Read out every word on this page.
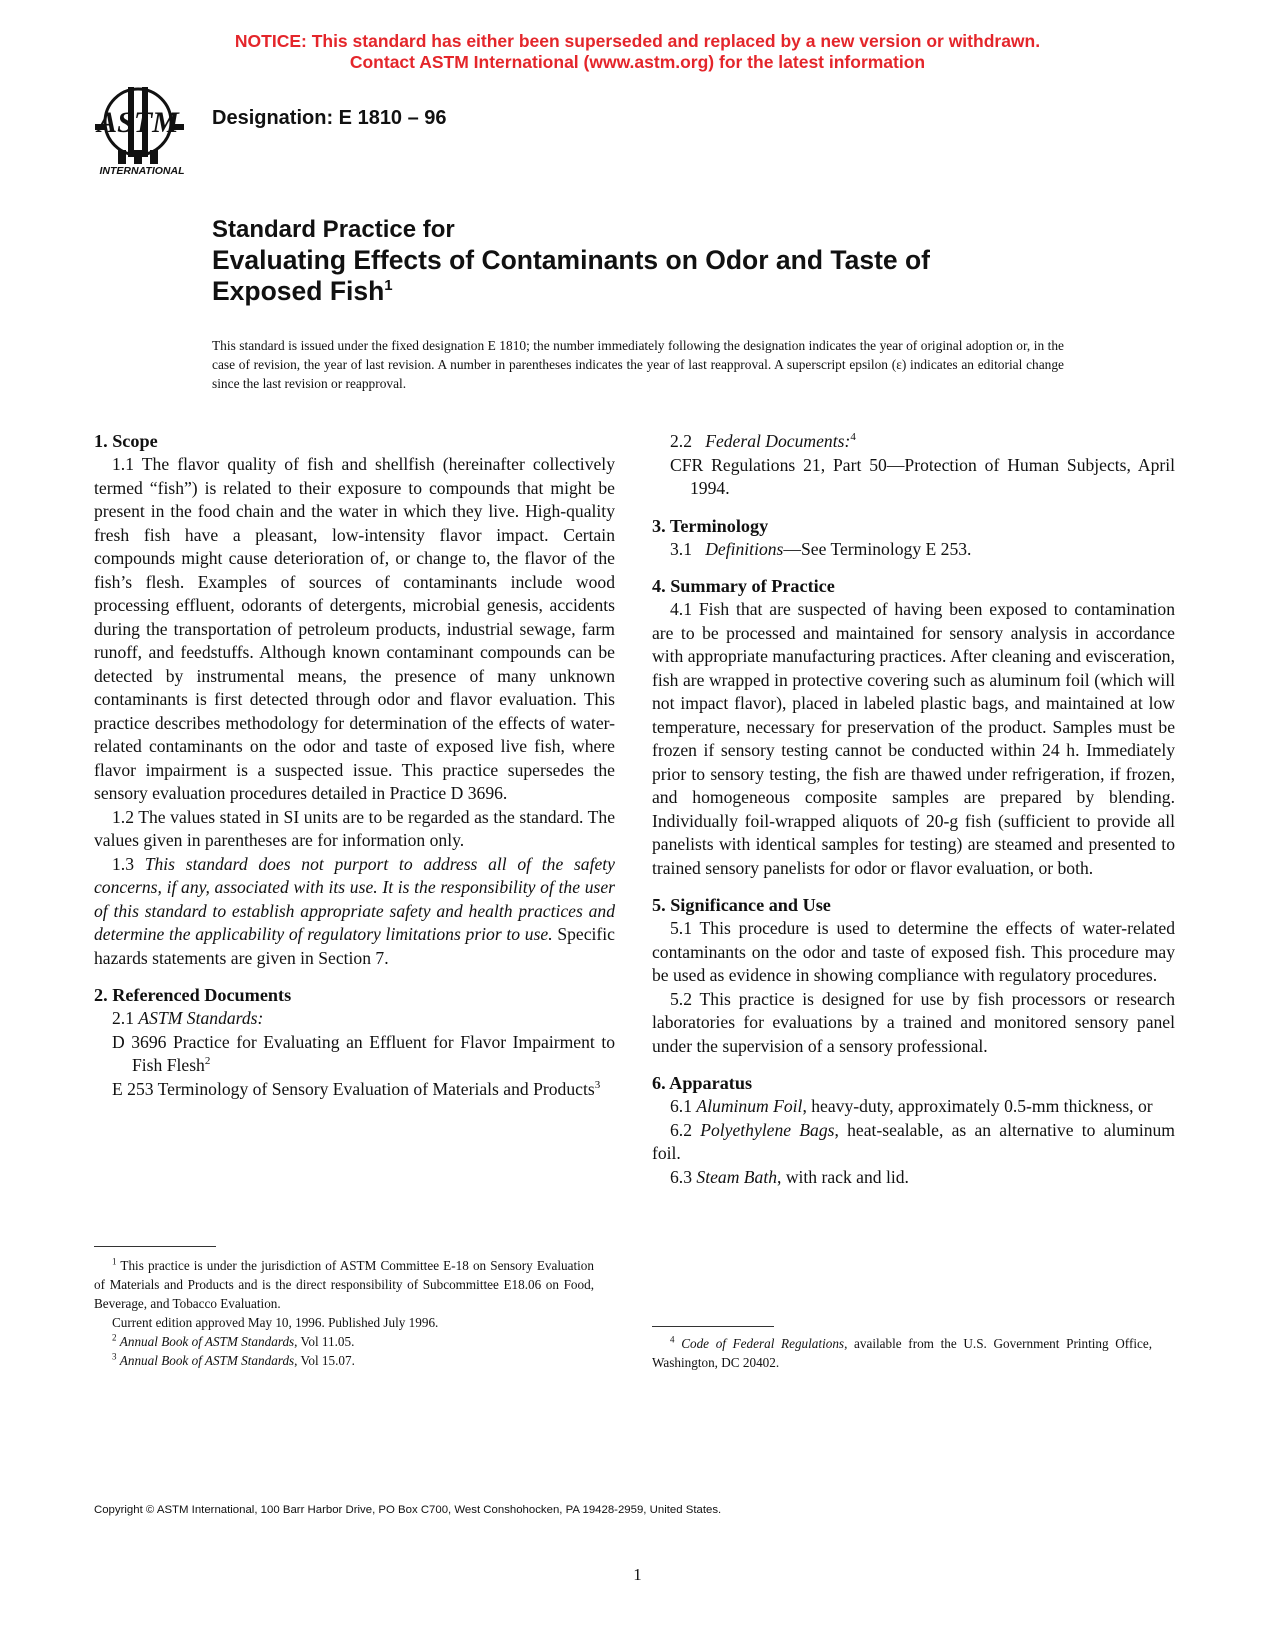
NOTICE: This standard has either been superseded and replaced by a new version or withdrawn.
Contact ASTM International (www.astm.org) for the latest information
ASTM
INTERNATIONAL
Designation: E 1810 – 96
Standard Practice for
Evaluating Effects of Contaminants on Odor and Taste of
Exposed Fish$^1$
This standard is issued under the fixed designation E 1810; the number immediately following the designation indicates the year of original adoption or, in the case of revision, the year of last revision. A number in parentheses indicates the year of last reapproval. A superscript epsilon (ε) indicates an editorial change since the last revision or reapproval.
1. Scope

1.1 The flavor quality of fish and shellfish (hereinafter collectively termed “fish”) is related to their exposure to compounds that might be present in the food chain and the water in which they live. High-quality fresh fish have a pleasant, low-intensity flavor impact. Certain compounds might cause deterioration of, or change to, the flavor of the fish’s flesh. Examples of sources of contaminants include wood processing effluent, odorants of detergents, microbial genesis, accidents during the transportation of petroleum products, industrial sewage, farm runoff, and feedstuffs. Although known contaminant compounds can be detected by instrumental means, the presence of many unknown contaminants is first detected through odor and flavor evaluation. This practice describes methodology for determination of the effects of water-related contaminants on the odor and taste of exposed live fish, where flavor impairment is a suspected issue. This practice supersedes the sensory evaluation procedures detailed in Practice D 3696.

1.2 The values stated in SI units are to be regarded as the standard. The values given in parentheses are for information only.

1.3 This standard does not purport to address all of the safety concerns, if any, associated with its use. It is the responsibility of the user of this standard to establish appropriate safety and health practices and determine the applicability of regulatory limitations prior to use. Specific hazards statements are given in Section 7.

2. Referenced Documents

2.1 ASTM Standards:

D 3696 Practice for Evaluating an Effluent for Flavor Impairment to Fish Flesh$^2$

E 253 Terminology of Sensory Evaluation of Materials and Products$^3$

$^1$ This practice is under the jurisdiction of ASTM Committee E-18 on Sensory Evaluation of Materials and Products and is the direct responsibility of Subcommittee E18.06 on Food, Beverage, and Tobacco Evaluation.

Current edition approved May 10, 1996. Published July 1996.

$^2$ Annual Book of ASTM Standards, Vol 11.05.

$^3$ Annual Book of ASTM Standards, Vol 15.07.

2.2 Federal Documents:$^4$

CFR Regulations 21, Part 50—Protection of Human Subjects, April 1994.

3. Terminology

3.1 Definitions—See Terminology E 253.

4. Summary of Practice

4.1 Fish that are suspected of having been exposed to contamination are to be processed and maintained for sensory analysis in accordance with appropriate manufacturing practices. After cleaning and evisceration, fish are wrapped in protective covering such as aluminum foil (which will not impact flavor), placed in labeled plastic bags, and maintained at low temperature, necessary for preservation of the product. Samples must be frozen if sensory testing cannot be conducted within 24 h. Immediately prior to sensory testing, the fish are thawed under refrigeration, if frozen, and homogeneous composite samples are prepared by blending. Individually foil-wrapped aliquots of 20-g fish (sufficient to provide all panelists with identical samples for testing) are steamed and presented to trained sensory panelists for odor or flavor evaluation, or both.

5. Significance and Use

5.1 This procedure is used to determine the effects of water-related contaminants on the odor and taste of exposed fish. This procedure may be used as evidence in showing compliance with regulatory procedures.

5.2 This practice is designed for use by fish processors or research laboratories for evaluations by a trained and monitored sensory panel under the supervision of a sensory professional.

6. Apparatus

6.1 Aluminum Foil, heavy-duty, approximately 0.5-mm thickness, or

6.2 Polyethylene Bags, heat-sealable, as an alternative to aluminum foil.

6.3 Steam Bath, with rack and lid.

$^4$ Code of Federal Regulations, available from the U.S. Government Printing Office, Washington, DC 20402.

Copyright © ASTM International, 100 Barr Harbor Drive, PO Box C700, West Conshohocken, PA 19428-2959, United States.
1
